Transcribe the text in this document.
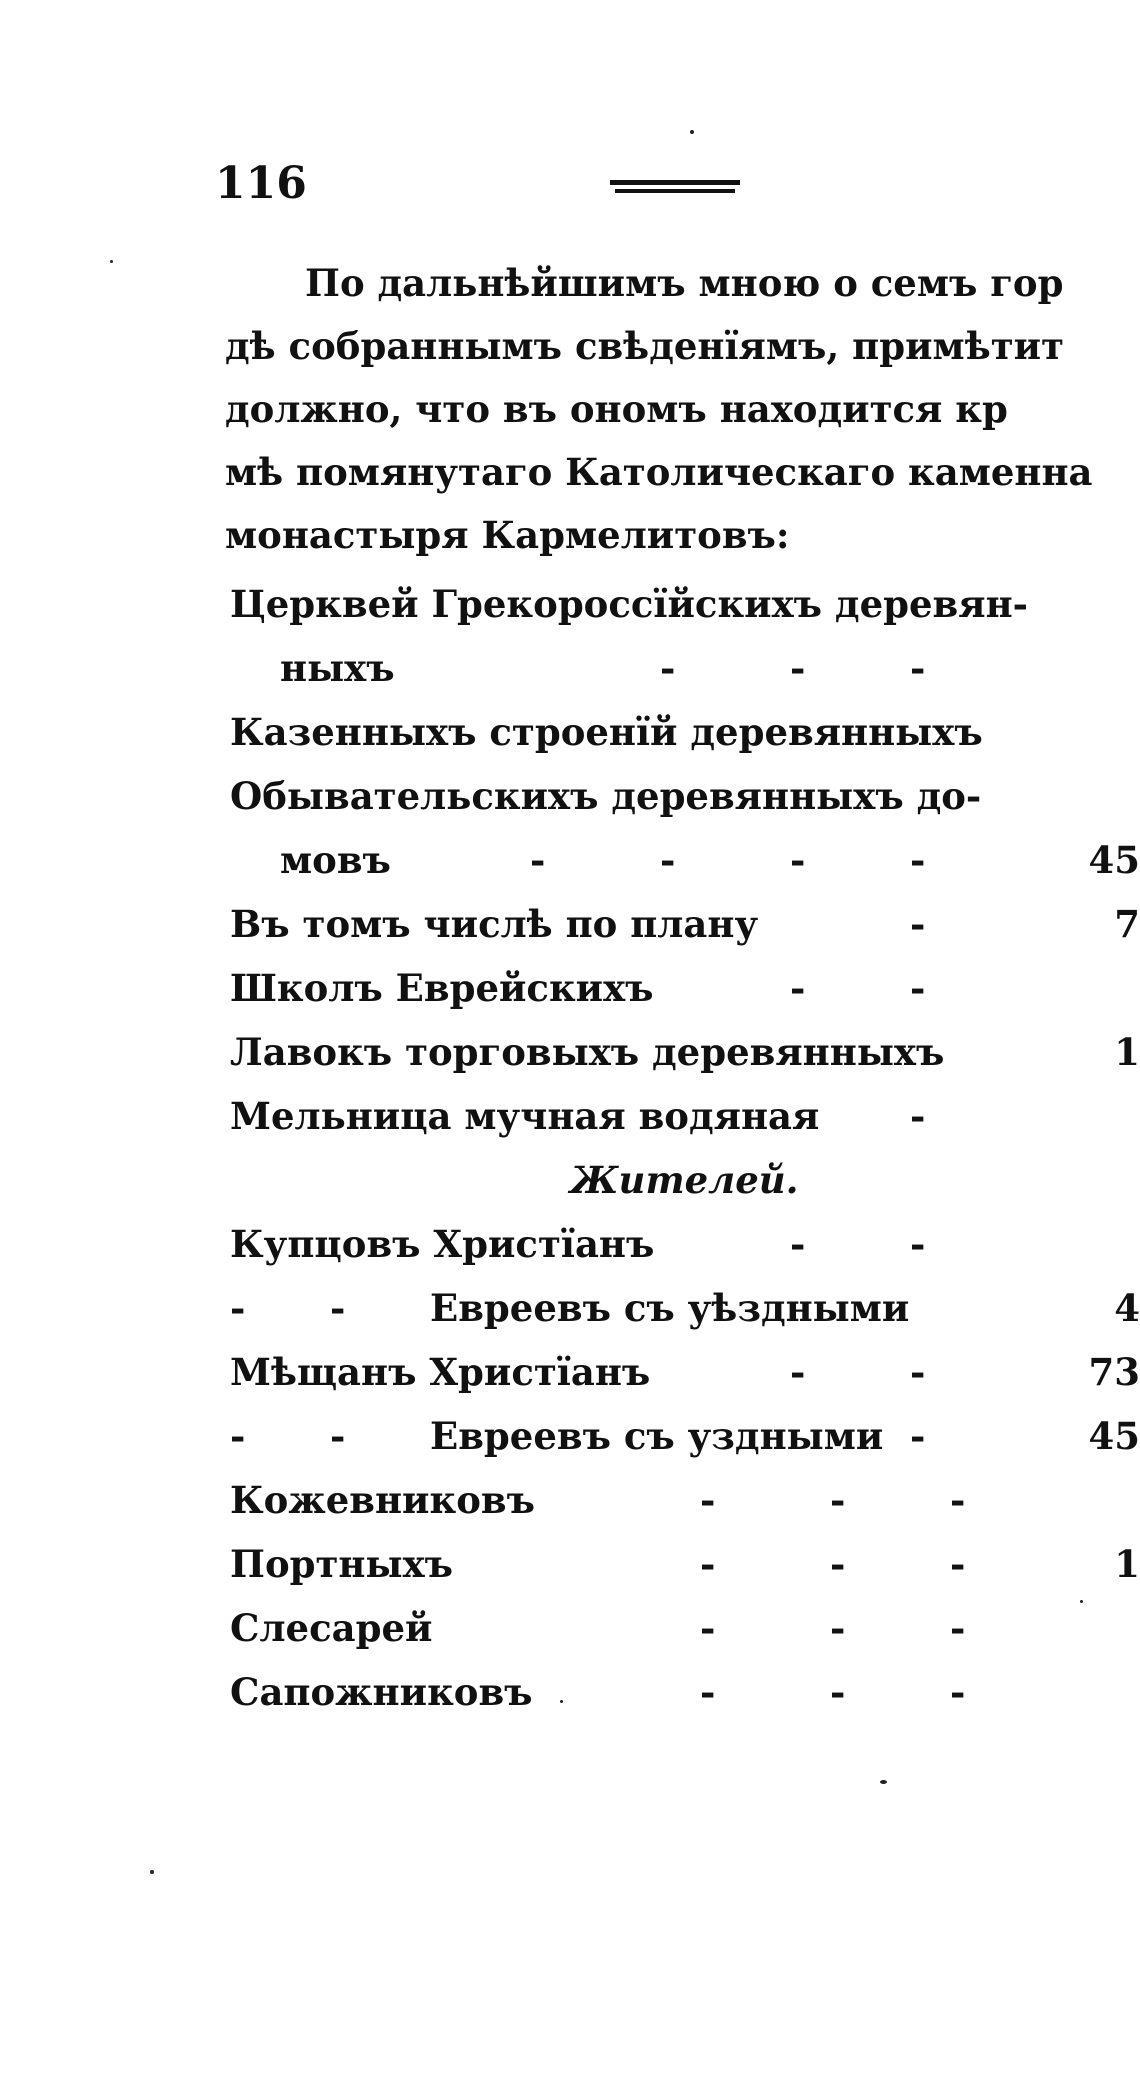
116
По дальнѣйшимъ мною о семъ гор
дѣ собраннымъ свѣденїямъ, примѣтит
должно, что въ ономъ находится кр
мѣ помянутаго Католическаго каменна
монастыря Кармелитовъ:
Церквей Грекороссїйскихъ деревян-
ныхъ	-	-	-
Казенныхъ строенїй деревянныхъ
Обывательскихъ деревянныхъ до-
мовъ	-	-	-	-	45
Въ томъ числѣ по плану	-	7
Школъ Еврейскихъ	-	-
Лавокъ торговыхъ деревянныхъ	1
Мельница мучная водяная -
Жителей.
Купцовъ Христїанъ	-	-
- - Евреевъ съ уѣздными	4
Мѣщанъ Христїанъ	-	-	73
- - Евреевъ съ уздными -	45
Кожевниковъ	-	-	-
Портныхъ	-	-	-	1
Слесарей	-	-	-
Сапожниковъ	-	-	-
